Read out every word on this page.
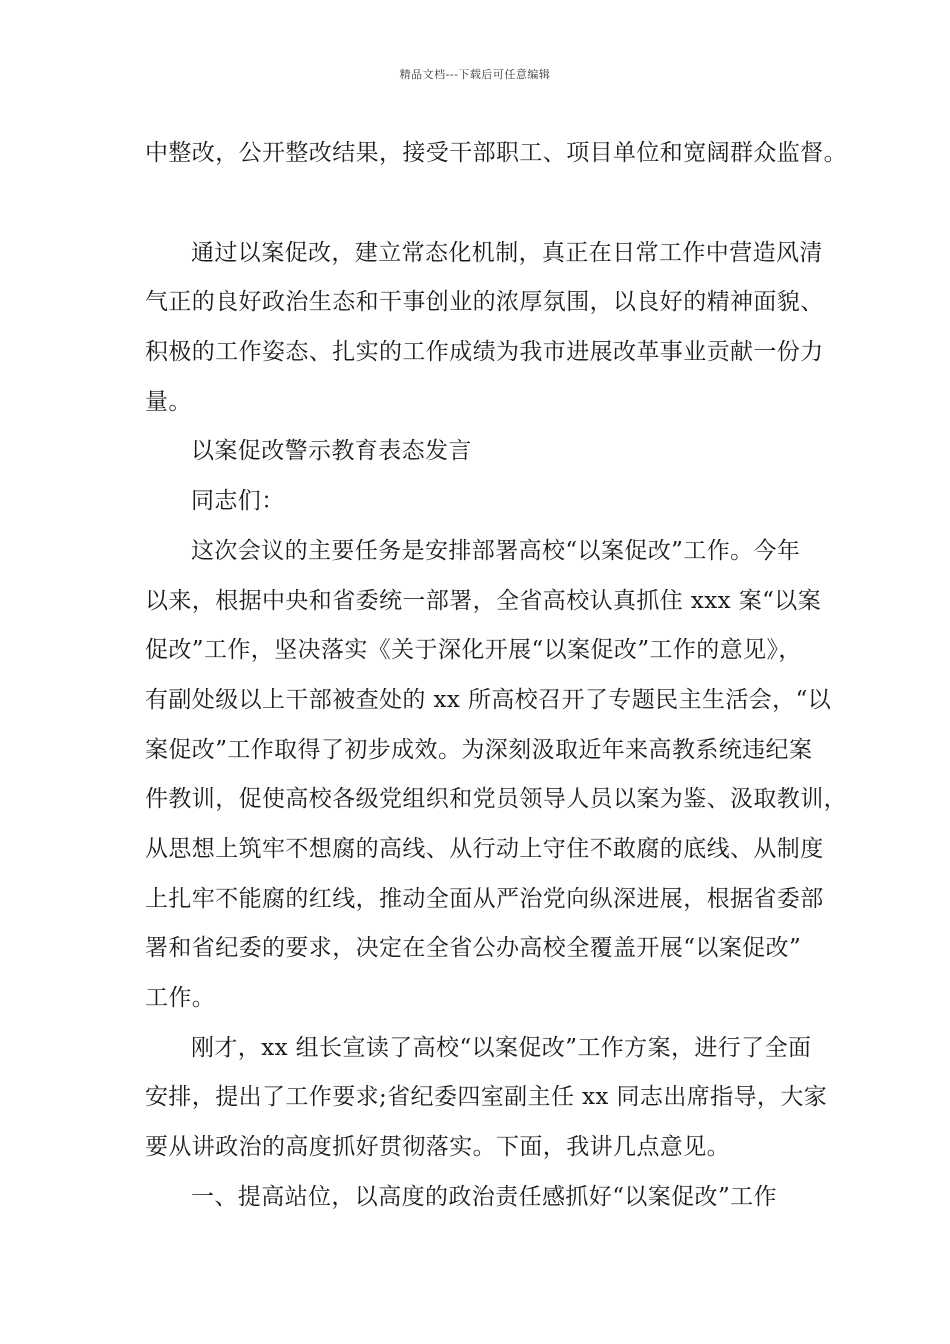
精品文档---下载后可任意编辑
中整改，公开整改结果，接受干部职工、项目单位和宽阔群众监督。
通过以案促改，建立常态化机制，真正在日常工作中营造风清
气正的良好政治生态和干事创业的浓厚氛围，以良好的精神面貌、
积极的工作姿态、扎实的工作成绩为我市进展改革事业贡献一份力
量。
以案促改警示教育表态发言
同志们：
这次会议的主要任务是安排部署高校“以案促改”工作。今年
以来，根据中央和省委统一部署，全省高校认真抓住 xxx 案“以案
促改”工作，坚决落实《关于深化开展“以案促改”工作的意见》，
有副处级以上干部被查处的 xx 所高校召开了专题民主生活会，“以
案促改”工作取得了初步成效。为深刻汲取近年来高教系统违纪案
件教训，促使高校各级党组织和党员领导人员以案为鉴、汲取教训，
从思想上筑牢不想腐的高线、从行动上守住不敢腐的底线、从制度
上扎牢不能腐的红线，推动全面从严治党向纵深进展，根据省委部
署和省纪委的要求，决定在全省公办高校全覆盖开展“以案促改”
工作。
刚才，xx 组长宣读了高校“以案促改”工作方案，进行了全面
安排，提出了工作要求;省纪委四室副主任 xx 同志出席指导，大家
要从讲政治的高度抓好贯彻落实。下面，我讲几点意见。
一、提高站位，以高度的政治责任感抓好“以案促改”工作
